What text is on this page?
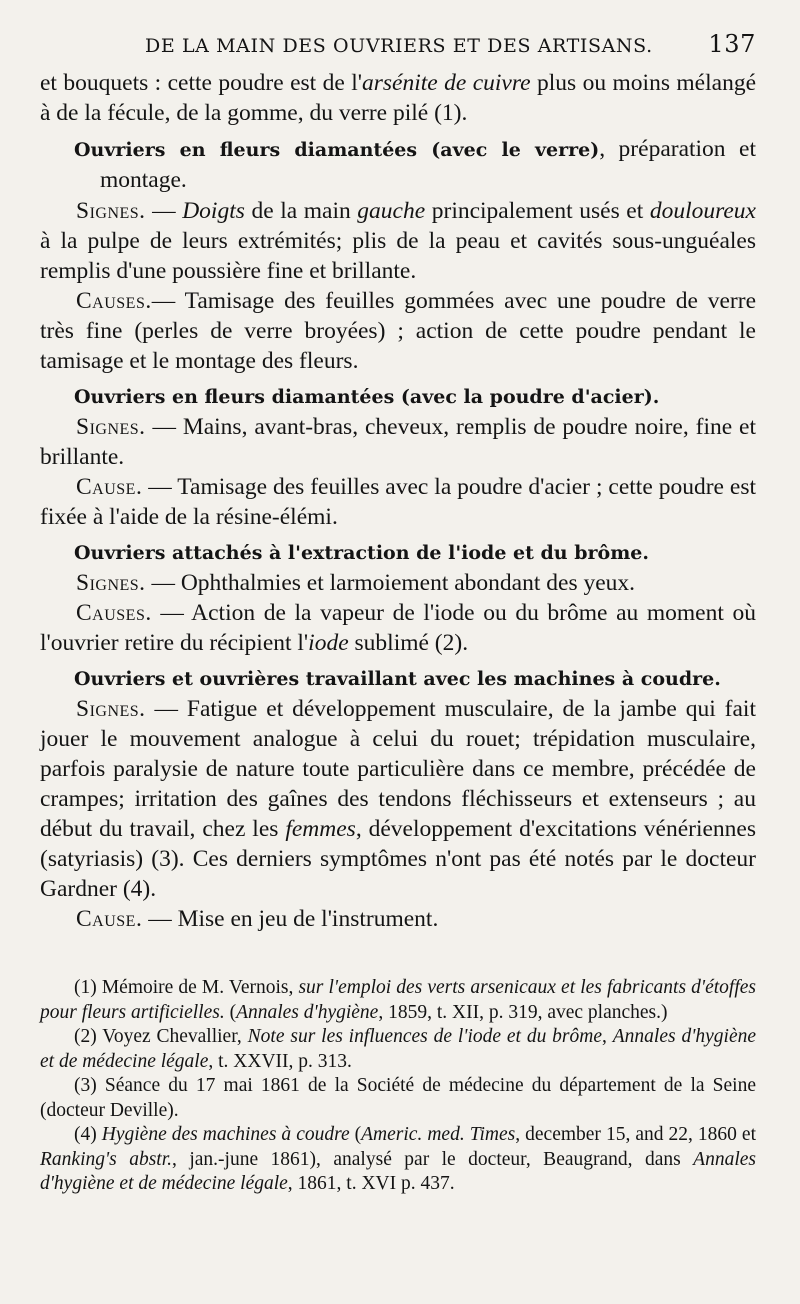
DE LA MAIN DES OUVRIERS ET DES ARTISANS. 137

et bouquets : cette poudre est de l'arsénite de cuivre plus ou moins mélangé à de la fécule, de la gomme, du verre pilé (1).

Ouvriers en fleurs diamantées (avec le verre), préparation et montage.

Signes. — Doigts de la main gauche principalement usés et douloureux à la pulpe de leurs extrémités; plis de la peau et cavités sous-unguéales remplis d'une poussière fine et brillante.

Causes.— Tamisage des feuilles gommées avec une poudre de verre très fine (perles de verre broyées) ; action de cette poudre pendant le tamisage et le montage des fleurs.

Ouvriers en fleurs diamantées (avec la poudre d'acier).

Signes. — Mains, avant-bras, cheveux, remplis de poudre noire, fine et brillante.

Cause. — Tamisage des feuilles avec la poudre d'acier ; cette poudre est fixée à l'aide de la résine-élémi.

Ouvriers attachés à l'extraction de l'iode et du brôme.

Signes. — Ophthalmies et larmoiement abondant des yeux.

Causes. — Action de la vapeur de l'iode ou du brôme au moment où l'ouvrier retire du récipient l'iode sublimé (2).

Ouvriers et ouvrières travaillant avec les machines à coudre.

Signes. — Fatigue et développement musculaire, de la jambe qui fait jouer le mouvement analogue à celui du rouet; trépidation musculaire, parfois paralysie de nature toute particulière dans ce membre, précédée de crampes; irritation des gaînes des tendons fléchisseurs et extenseurs ; au début du travail, chez les femmes, développement d'excitations vénériennes (satyriasis) (3). Ces derniers symptômes n'ont pas été notés par le docteur Gardner (4).

Cause. — Mise en jeu de l'instrument.

(1) Mémoire de M. Vernois, sur l'emploi des verts arsenicaux et les fabricants d'étoffes pour fleurs artificielles. (Annales d'hygiène, 1859, t. XII, p. 319, avec planches.)

(2) Voyez Chevallier, Note sur les influences de l'iode et du brôme, Annales d'hygiène et de médecine légale, t. XXVII, p. 313.

(3) Séance du 17 mai 1861 de la Société de médecine du département de la Seine (docteur Deville).

(4) Hygiène des machines à coudre (Americ. med. Times, december 15, and 22, 1860 et Ranking's abstr., jan.-june 1861), analysé par le docteur, Beaugrand, dans Annales d'hygiène et de médecine légale, 1861, t. XVI p. 437.
